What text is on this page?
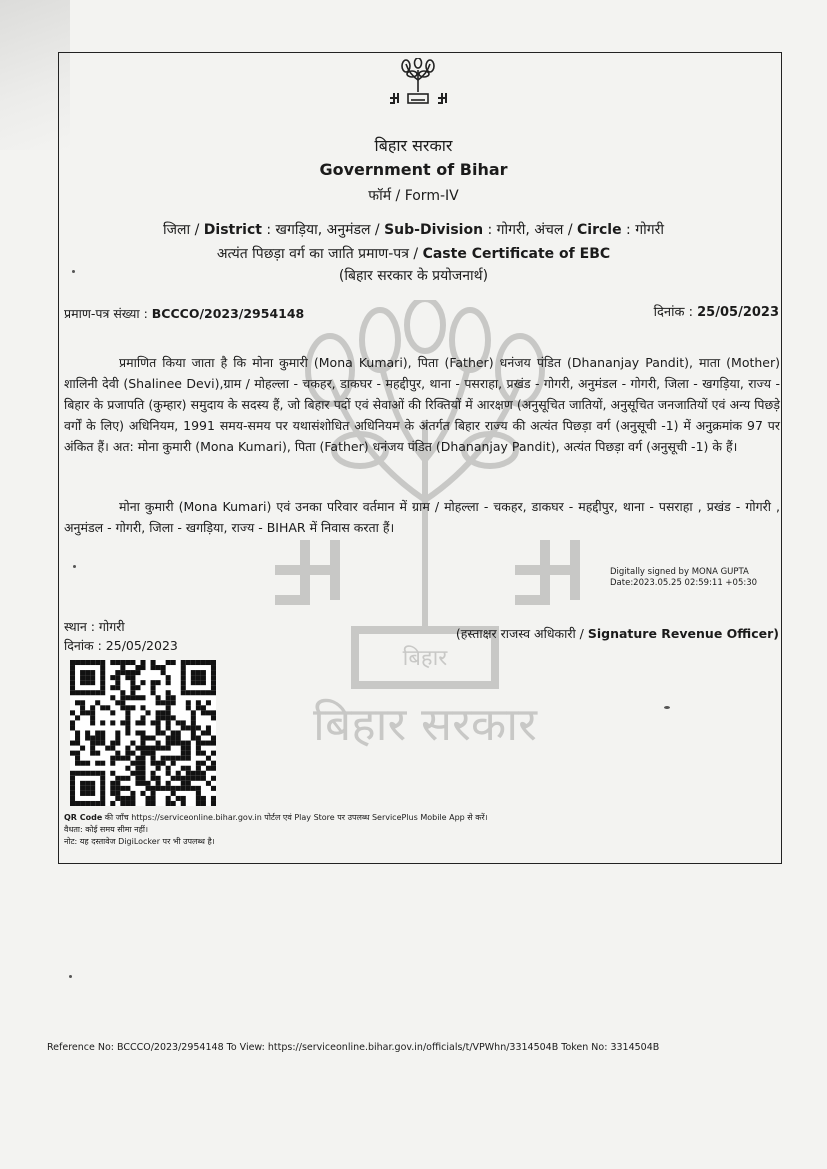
बिहार
बिहार सरकार
बिहार सरकार
Government of Bihar
फॉर्म / Form-IV
जिला / District : खगड़िया, अनुमंडल / Sub-Division : गोगरी, अंचल / Circle : गोगरी
अत्यंत पिछड़ा वर्ग का जाति प्रमाण-पत्र / Caste Certificate of EBC
(बिहार सरकार के प्रयोजनार्थ)
प्रमाण-पत्र संख्या : BCCCO/2023/2954148	दिनांक : 25/05/2023
प्रमाणित किया जाता है कि मोना कुमारी (Mona Kumari), पिता (Father) धनंजय पंडित (Dhananjay Pandit), माता (Mother) शालिनी देवी (Shalinee Devi),ग्राम / मोहल्ला - चकहर, डाकघर - महद्दीपुर, थाना - पसराहा, प्रखंड - गोगरी, अनुमंडल - गोगरी, जिला - खगड़िया, राज्य - बिहार के प्रजापति (कुम्हार) समुदाय के सदस्य हैं, जो बिहार पदों एवं सेवाओं की रिक्तियों में आरक्षण (अनुसूचित जातियों, अनुसूचित जनजातियों एवं अन्य पिछड़े वर्गों के लिए) अधिनियम, 1991 समय-समय पर यथासंशोधित अधिनियम के अंतर्गत बिहार राज्य की अत्यंत पिछड़ा वर्ग (अनुसूची -1) में अनुक्रमांक 97 पर अंकित हैं। अत: मोना कुमारी (Mona Kumari), पिता (Father) धनंजय पंडित (Dhananjay Pandit), अत्यंत पिछड़ा वर्ग (अनुसूची -1) के हैं।
मोना कुमारी (Mona Kumari) एवं उनका परिवार वर्तमान में ग्राम / मोहल्ला - चकहर, डाकघर - महद्दीपुर, थाना - पसराहा , प्रखंड - गोगरी , अनुमंडल - गोगरी, जिला - खगड़िया, राज्य - BIHAR में निवास करता हैं।
Digitally signed by MONA GUPTA
Date:2023.05.25 02:59:11 +05:30
स्थान : गोगरी
दिनांक : 25/05/2023
(हस्ताक्षर राजस्व अधिकारी / Signature Revenue Officer)
QR Code की जाँच https://serviceonline.bihar.gov.in पोर्टल एवं Play Store पर उपलब्ध ServicePlus Mobile App से करें।
वैधता: कोई समय सीमा नहीं।
नोट: यह दस्तावेज DigiLocker पर भी उपलब्ध है।
Reference No: BCCCO/2023/2954148 To View: https://serviceonline.bihar.gov.in/officials/t/VPWhn/3314504B Token No: 3314504B
